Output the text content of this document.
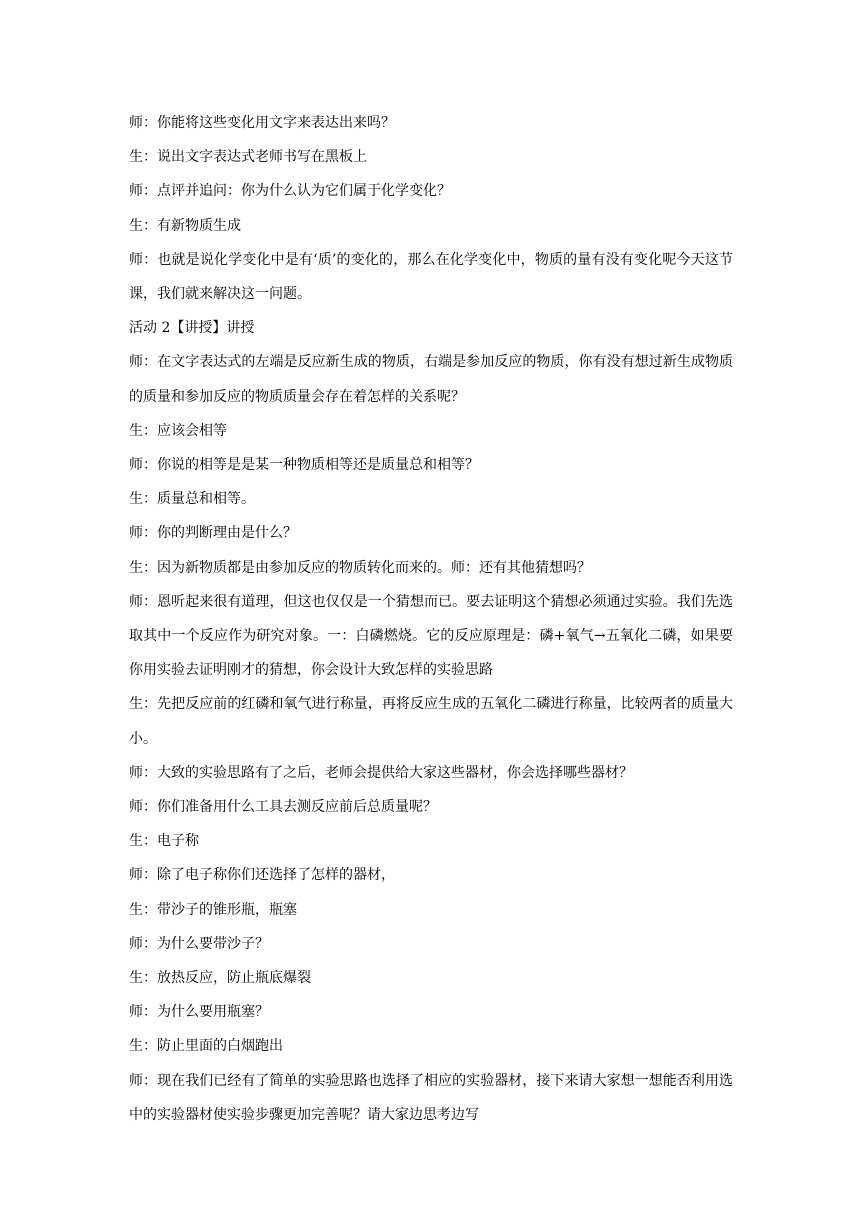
师：你能将这些变化用文字来表达出来吗？

生：说出文字表达式老师书写在黑板上

师：点评并追问：你为什么认为它们属于化学变化？

生：有新物质生成

师：也就是说化学变化中是有‘质’的变化的，那么在化学变化中，物质的量有没有变化呢今天这节课，我们就来解决这一问题。

活动 2【讲授】讲授

师：在文字表达式的左端是反应新生成的物质，右端是参加反应的物质，你有没有想过新生成物质的质量和参加反应的物质质量会存在着怎样的关系呢？

生：应该会相等

师：你说的相等是是某一种物质相等还是质量总和相等？

生：质量总和相等。

师：你的判断理由是什么？

生：因为新物质都是由参加反应的物质转化而来的。师：还有其他猜想吗？

师：恩听起来很有道理，但这也仅仅是一个猜想而已。要去证明这个猜想必须通过实验。我们先选取其中一个反应作为研究对象。一：白磷燃烧。它的反应原理是：磷+氧气→五氧化二磷，如果要你用实验去证明刚才的猜想，你会设计大致怎样的实验思路

生：先把反应前的红磷和氧气进行称量，再将反应生成的五氧化二磷进行称量，比较两者的质量大小。

师：大致的实验思路有了之后，老师会提供给大家这些器材，你会选择哪些器材？

师：你们准备用什么工具去测反应前后总质量呢？

生：电子称

师：除了电子称你们还选择了怎样的器材，

生：带沙子的锥形瓶，瓶塞

师：为什么要带沙子？

生：放热反应，防止瓶底爆裂

师：为什么要用瓶塞？

生：防止里面的白烟跑出

师：现在我们已经有了简单的实验思路也选择了相应的实验器材，接下来请大家想一想能否利用选中的实验器材使实验步骤更加完善呢？请大家边思考边写
